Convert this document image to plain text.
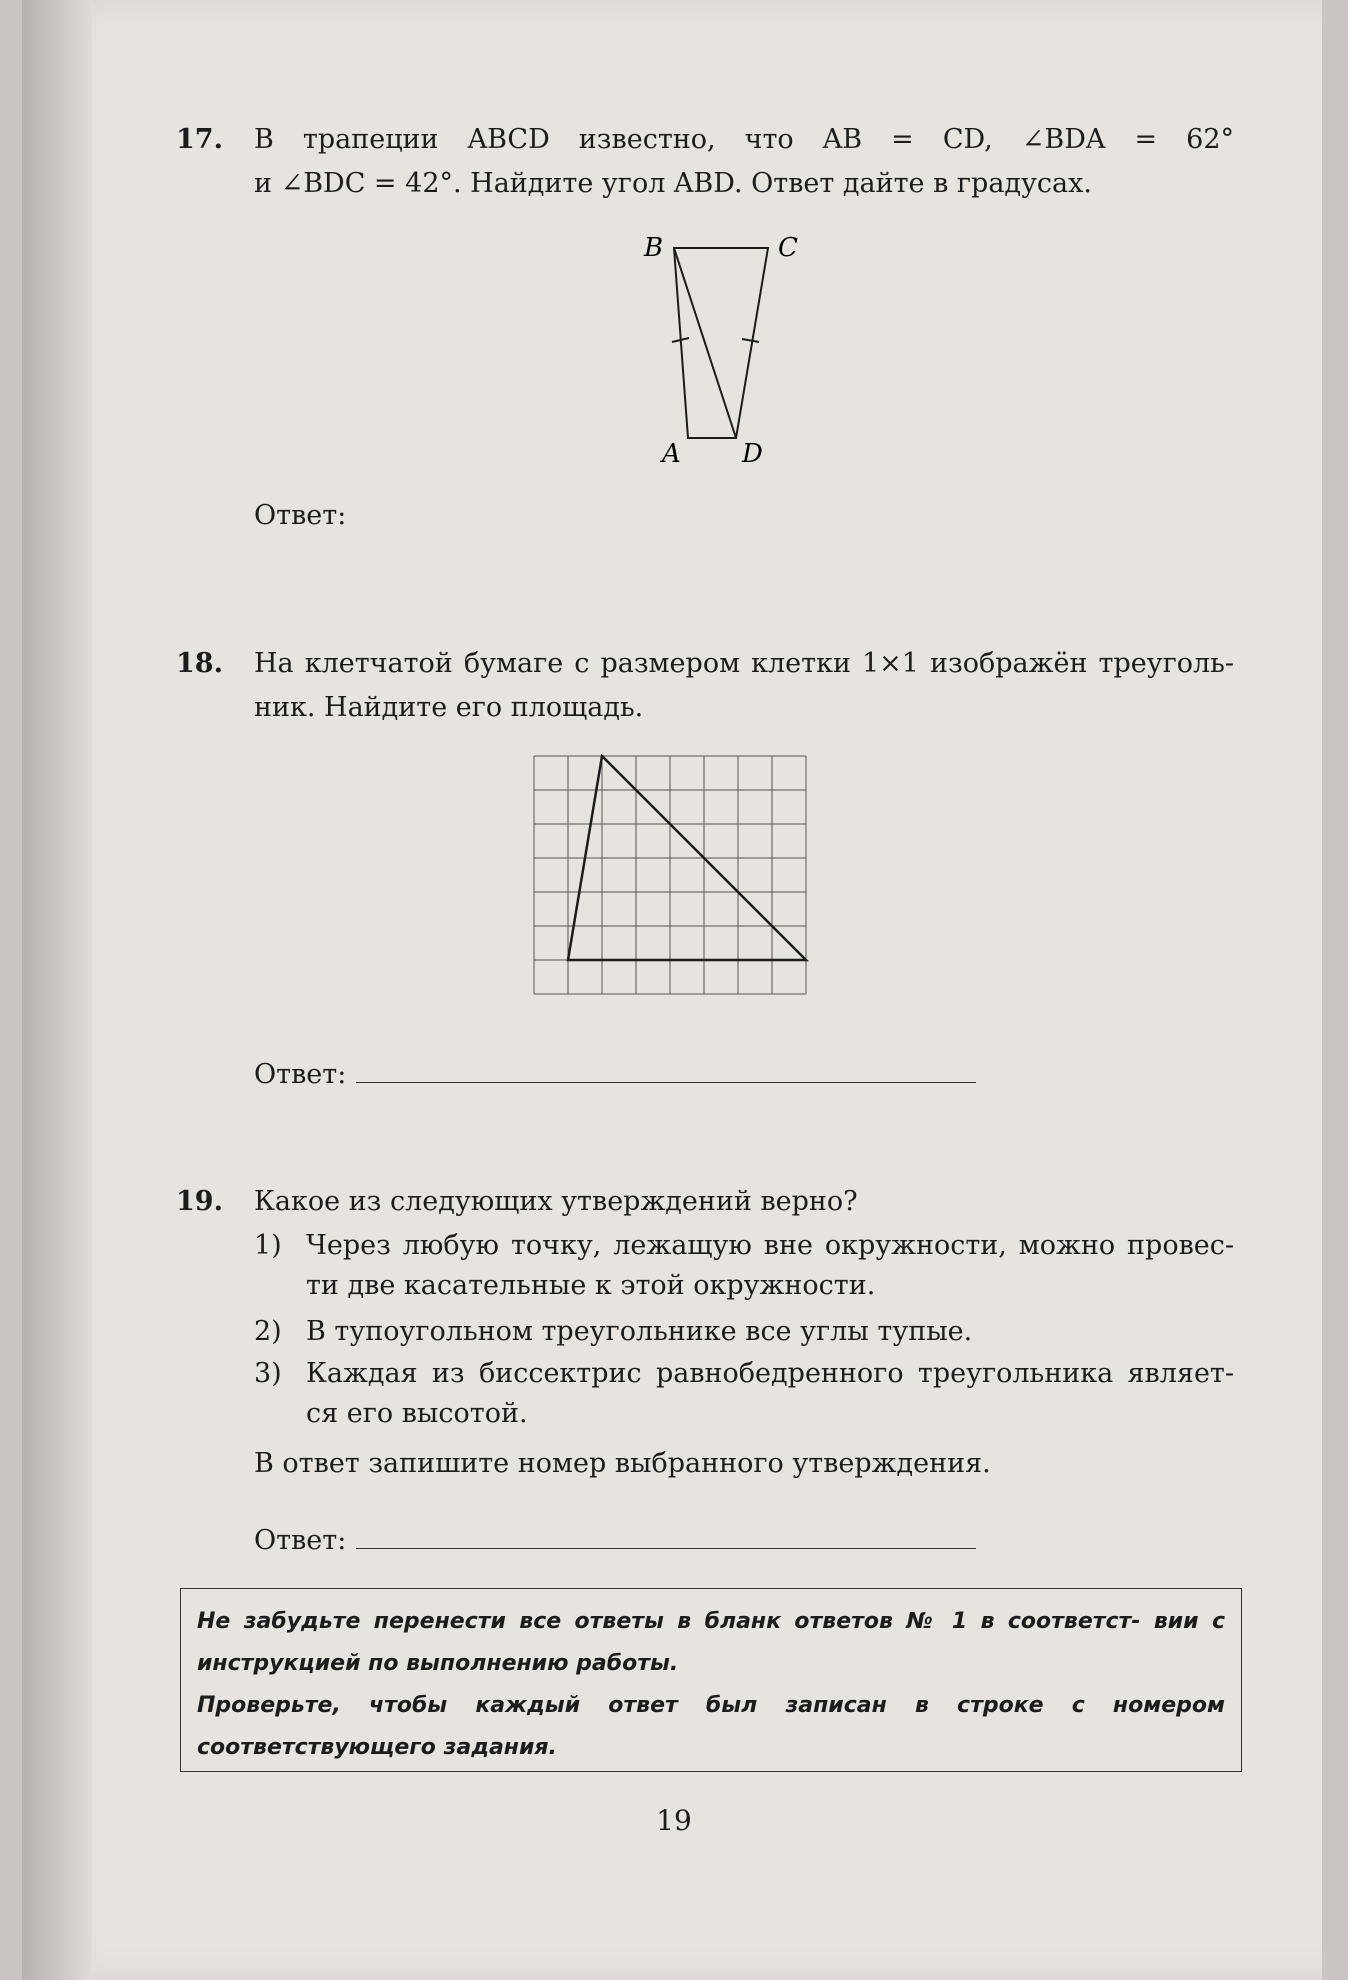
17. В трапеции ABCD известно, что AB = CD, ∠BDA = 62°
и ∠BDC = 42°. Найдите угол ABD. Ответ дайте в градусах.
B	C
A D
Ответ:
18. На клетчатой бумаге с размером клетки 1×1 изображён треуголь-
ник. Найдите его площадь.
Ответ:
19. Какое из следующих утверждений верно?
1) Через любую точку, лежащую вне окружности, можно провес-
ти две касательные к этой окружности.
2) В тупоугольном треугольнике все углы тупые.
3) Каждая из биссектрис равнобедренного треугольника являет-
ся его высотой.
В ответ запишите номер выбранного утверждения.
Ответ:

Не забудьте перенести все ответы в бланк ответов № 1 в соответст- вии с инструкцией по выполнению работы.

Проверьте, чтобы каждый ответ был записан в строке с номером соответствующего задания.

19
